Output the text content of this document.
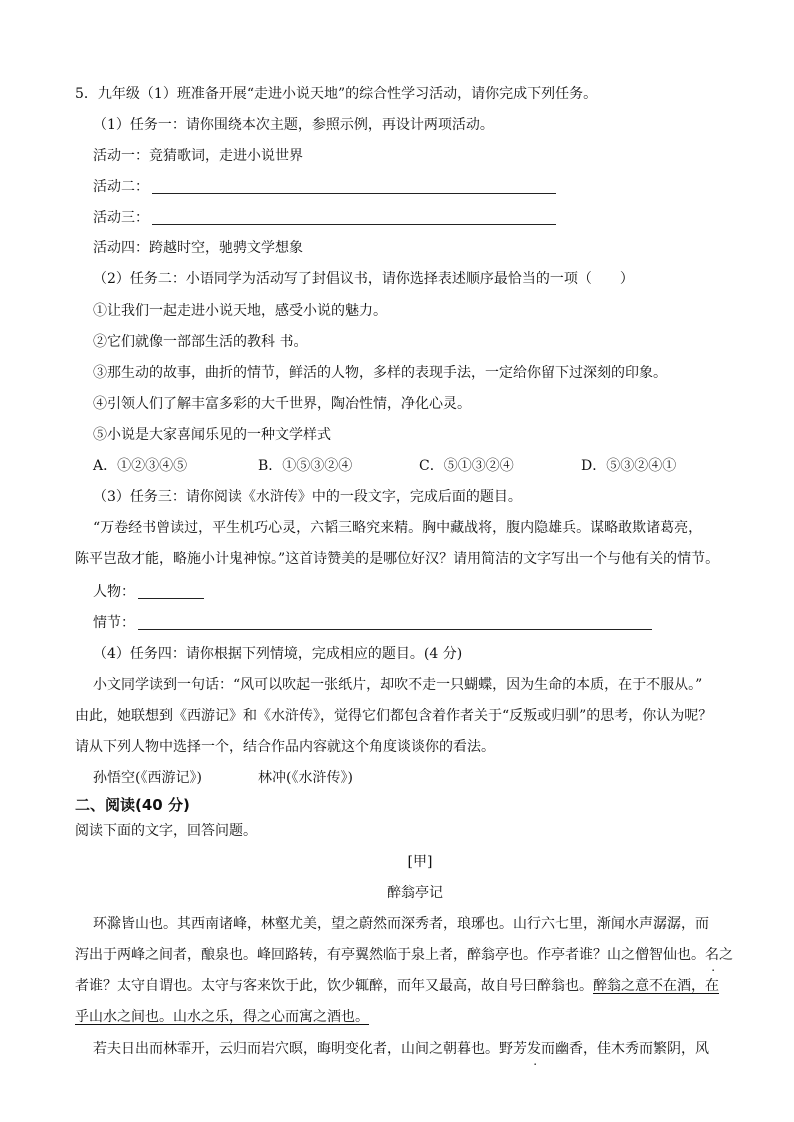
5．九年级（1）班准备开展“走进小说天地”的综合性学习活动，请你完成下列任务。
（1）任务一：请你围绕本次主题，参照示例，再设计两项活动。
活动一：竞猜歌词，走进小说世界
活动二：
活动三：
活动四：跨越时空，驰骋文学想象
（2）任务二：小语同学为活动写了封倡议书，请你选择表述顺序最恰当的一项（　　）
①让我们一起走进小说天地，感受小说的魅力。
②它们就像一部部生活的教科 书。
③那生动的故事，曲折的情节，鲜活的人物，多样的表现手法，一定给你留下过深刻的印象。
④引领人们了解丰富多彩的大千世界，陶冶性情，净化心灵。
⑤小说是大家喜闻乐见的一种文学样式
A．①②③④⑤	B．①⑤③②④	C．⑤①③②④	D．⑤③②④①
（3）任务三：请你阅读《水浒传》中的一段文字，完成后面的题目。
“万卷经书曾读过，平生机巧心灵，六韬三略究来精。胸中藏战将，腹内隐雄兵。谋略敢欺诸葛亮，
陈平岂敌才能，略施小计鬼神惊。”这首诗赞美的是哪位好汉？请用简洁的文字写出一个与他有关的情节。
人物：
情节：
（4）任务四：请你根据下列情境，完成相应的题目。(4 分)
小文同学读到一句话：“风可以吹起一张纸片，却吹不走一只蝴蝶，因为生命的本质，在于不服从。”
由此，她联想到《西游记》和《水浒传》，觉得它们都包含着作者关于“反叛或归驯”的思考，你认为呢？
请从下列人物中选择一个，结合作品内容就这个角度谈谈你的看法。
孙悟空(《西游记》)	林冲(《水浒传》)
二、阅读(40 分)
阅读下面的文字，回答问题。
[甲]
醉翁亭记
环滁皆山也。其西南诸峰，林壑尤美，望之蔚然而深秀者，琅琊也。山行六七里，渐闻水声潺潺，而
泻出于两峰之间者，酿泉也。峰回路转，有亭翼然临于泉上者，醉翁亭也。作亭者谁？山之僧智仙也。名之
者谁？太守自谓也。太守与客来饮于此，饮少辄醉，而年又最高，故自号曰醉翁也。醉翁之意不在酒，在
乎山水之间也。山水之乐，得之心而寓之酒也。
若夫日出而林霏开，云归而岩穴暝，晦明变化者，山间之朝暮也。野芳发而幽香，佳木秀而繁阴，风
